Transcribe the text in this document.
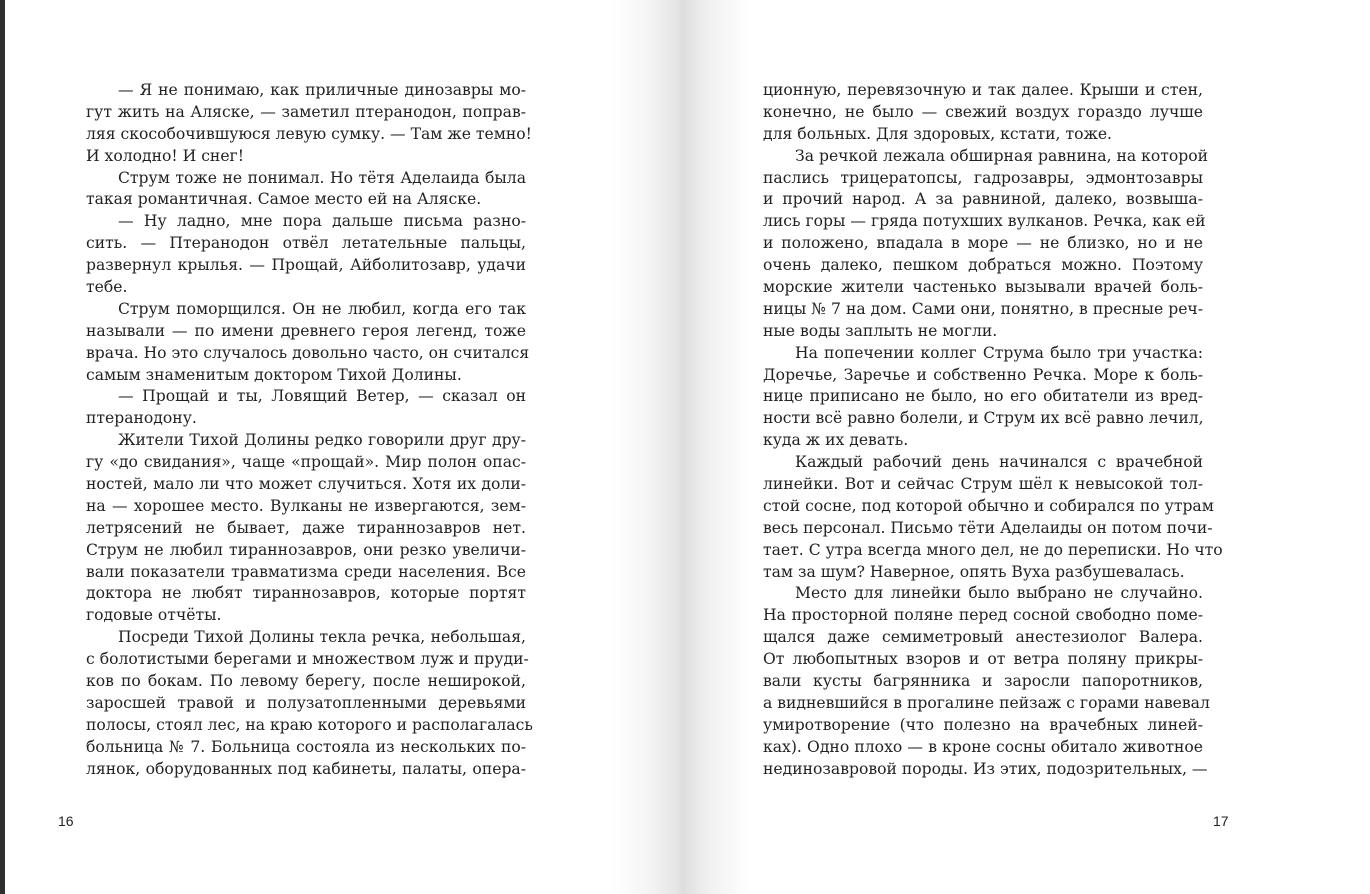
— Я не понимаю, как приличные динозавры мо-
гут жить на Аляске, — заметил птеранодон, поправ-
ляя скособочившуюся левую сумку. — Там же темно!
И холодно! И снег!
Струм тоже не понимал. Но тётя Аделаида была
такая романтичная. Самое место ей на Аляске.
— Ну ладно, мне пора дальше письма разно-
сить. — Птеранодон отвёл летательные пальцы,
развернул крылья. — Прощай, Айболитозавр, удачи
тебе.
Струм поморщился. Он не любил, когда его так
называли — по имени древнего героя легенд, тоже
врача. Но это случалось довольно часто, он считался
самым знаменитым доктором Тихой Долины.
— Прощай и ты, Ловящий Ветер, — сказал он
птеранодону.
Жители Тихой Долины редко говорили друг дру-
гу «до свидания», чаще «прощай». Мир полон опас-
ностей, мало ли что может случиться. Хотя их доли-
на — хорошее место. Вулканы не извергаются, зем-
летрясений не бывает, даже тираннозавров нет.
Струм не любил тираннозавров, они резко увеличи-
вали показатели травматизма среди населения. Все
доктора не любят тираннозавров, которые портят
годовые отчёты.
Посреди Тихой Долины текла речка, небольшая,
с болотистыми берегами и множеством луж и пруди-
ков по бокам. По левому берегу, после неширокой,
заросшей травой и полузатопленными деревьями
полосы, стоял лес, на краю которого и располагалась
больница № 7. Больница состояла из нескольких по-
лянок, оборудованных под кабинеты, палаты, опера-
16
ционную, перевязочную и так далее. Крыши и стен,
конечно, не было — свежий воздух гораздо лучше
для больных. Для здоровых, кстати, тоже.
За речкой лежала обширная равнина, на которой
паслись трицератопсы, гадрозавры, эдмонтозавры
и прочий народ. А за равниной, далеко, возвыша-
лись горы — гряда потухших вулканов. Речка, как ей
и положено, впадала в море — не близко, но и не
очень далеко, пешком добраться можно. Поэтому
морские жители частенько вызывали врачей боль-
ницы № 7 на дом. Сами они, понятно, в пресные реч-
ные воды заплыть не могли.
На попечении коллег Струма было три участка:
Доречье, Заречье и собственно Речка. Море к боль-
нице приписано не было, но его обитатели из вред-
ности всё равно болели, и Струм их всё равно лечил,
куда ж их девать.
Каждый рабочий день начинался с врачебной
линейки. Вот и сейчас Струм шёл к невысокой тол-
стой сосне, под которой обычно и собирался по утрам
весь персонал. Письмо тёти Аделаиды он потом почи-
тает. С утра всегда много дел, не до переписки. Но что
там за шум? Наверное, опять Вуха разбушевалась.
Место для линейки было выбрано не случайно.
На просторной поляне перед сосной свободно поме-
щался даже семиметровый анестезиолог Валера.
От любопытных взоров и от ветра поляну прикры-
вали кусты багрянника и заросли папоротников,
а видневшийся в прогалине пейзаж с горами навевал
умиротворение (что полезно на врачебных линей-
ках). Одно плохо — в кроне сосны обитало животное
нединозавровой породы. Из этих, подозрительных, —
17
